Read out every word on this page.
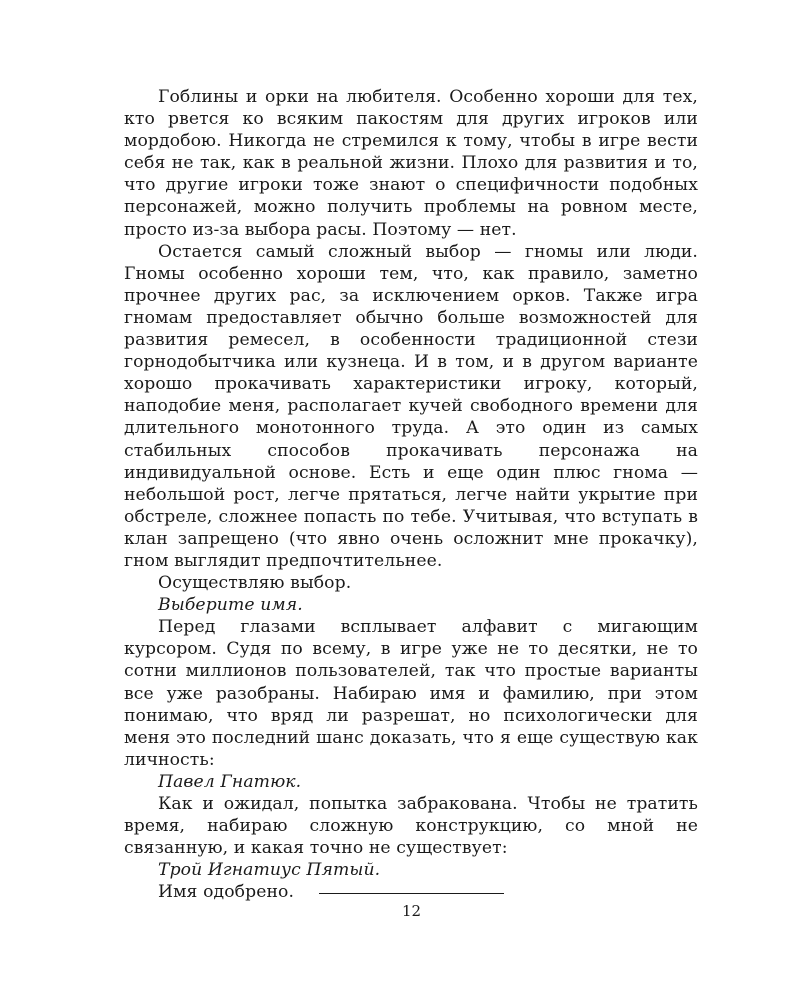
Гоблины и орки на любителя. Особенно хороши для тех, кто рвется ко всяким пакостям для других игроков или мордобою. Никогда не стремился к тому, чтобы в игре вести себя не так, как в реальной жизни. Плохо для развития и то, что другие игроки тоже знают о специфичности подобных персонажей, можно получить проблемы на ровном месте, просто из-за выбора расы. Поэтому — нет.

Остается самый сложный выбор — гномы или люди. Гномы особенно хороши тем, что, как правило, заметно прочнее других рас, за исключением орков. Также игра гномам предоставляет обычно больше возможностей для развития ремесел, в особенности традиционной стези горнодобытчика или кузнеца. И в том, и в другом варианте хорошо прокачивать характеристики игроку, который, наподобие меня, располагает кучей свободного времени для длительного монотонного труда. А это один из самых стабильных способов прокачивать персонажа на индивидуальной основе. Есть и еще один плюс гнома — небольшой рост, легче прятаться, легче найти укрытие при обстреле, сложнее попасть по тебе. Учитывая, что вступать в клан запрещено (что явно очень осложнит мне прокачку), гном выглядит предпочтительнее.

Осуществляю выбор.

Выберите имя.

Перед глазами всплывает алфавит с мигающим курсором. Судя по всему, в игре уже не то десятки, не то сотни миллионов пользователей, так что простые варианты все уже разобраны. Набираю имя и фамилию, при этом понимаю, что вряд ли разрешат, но психологически для меня это последний шанс доказать, что я еще существую как личность:

Павел Гнатюк.

Как и ожидал, попытка забракована. Чтобы не тратить время, набираю сложную конструкцию, со мной не связанную, и какая точно не существует:

Трой Игнатиус Пятый.

Имя одобрено.

12
